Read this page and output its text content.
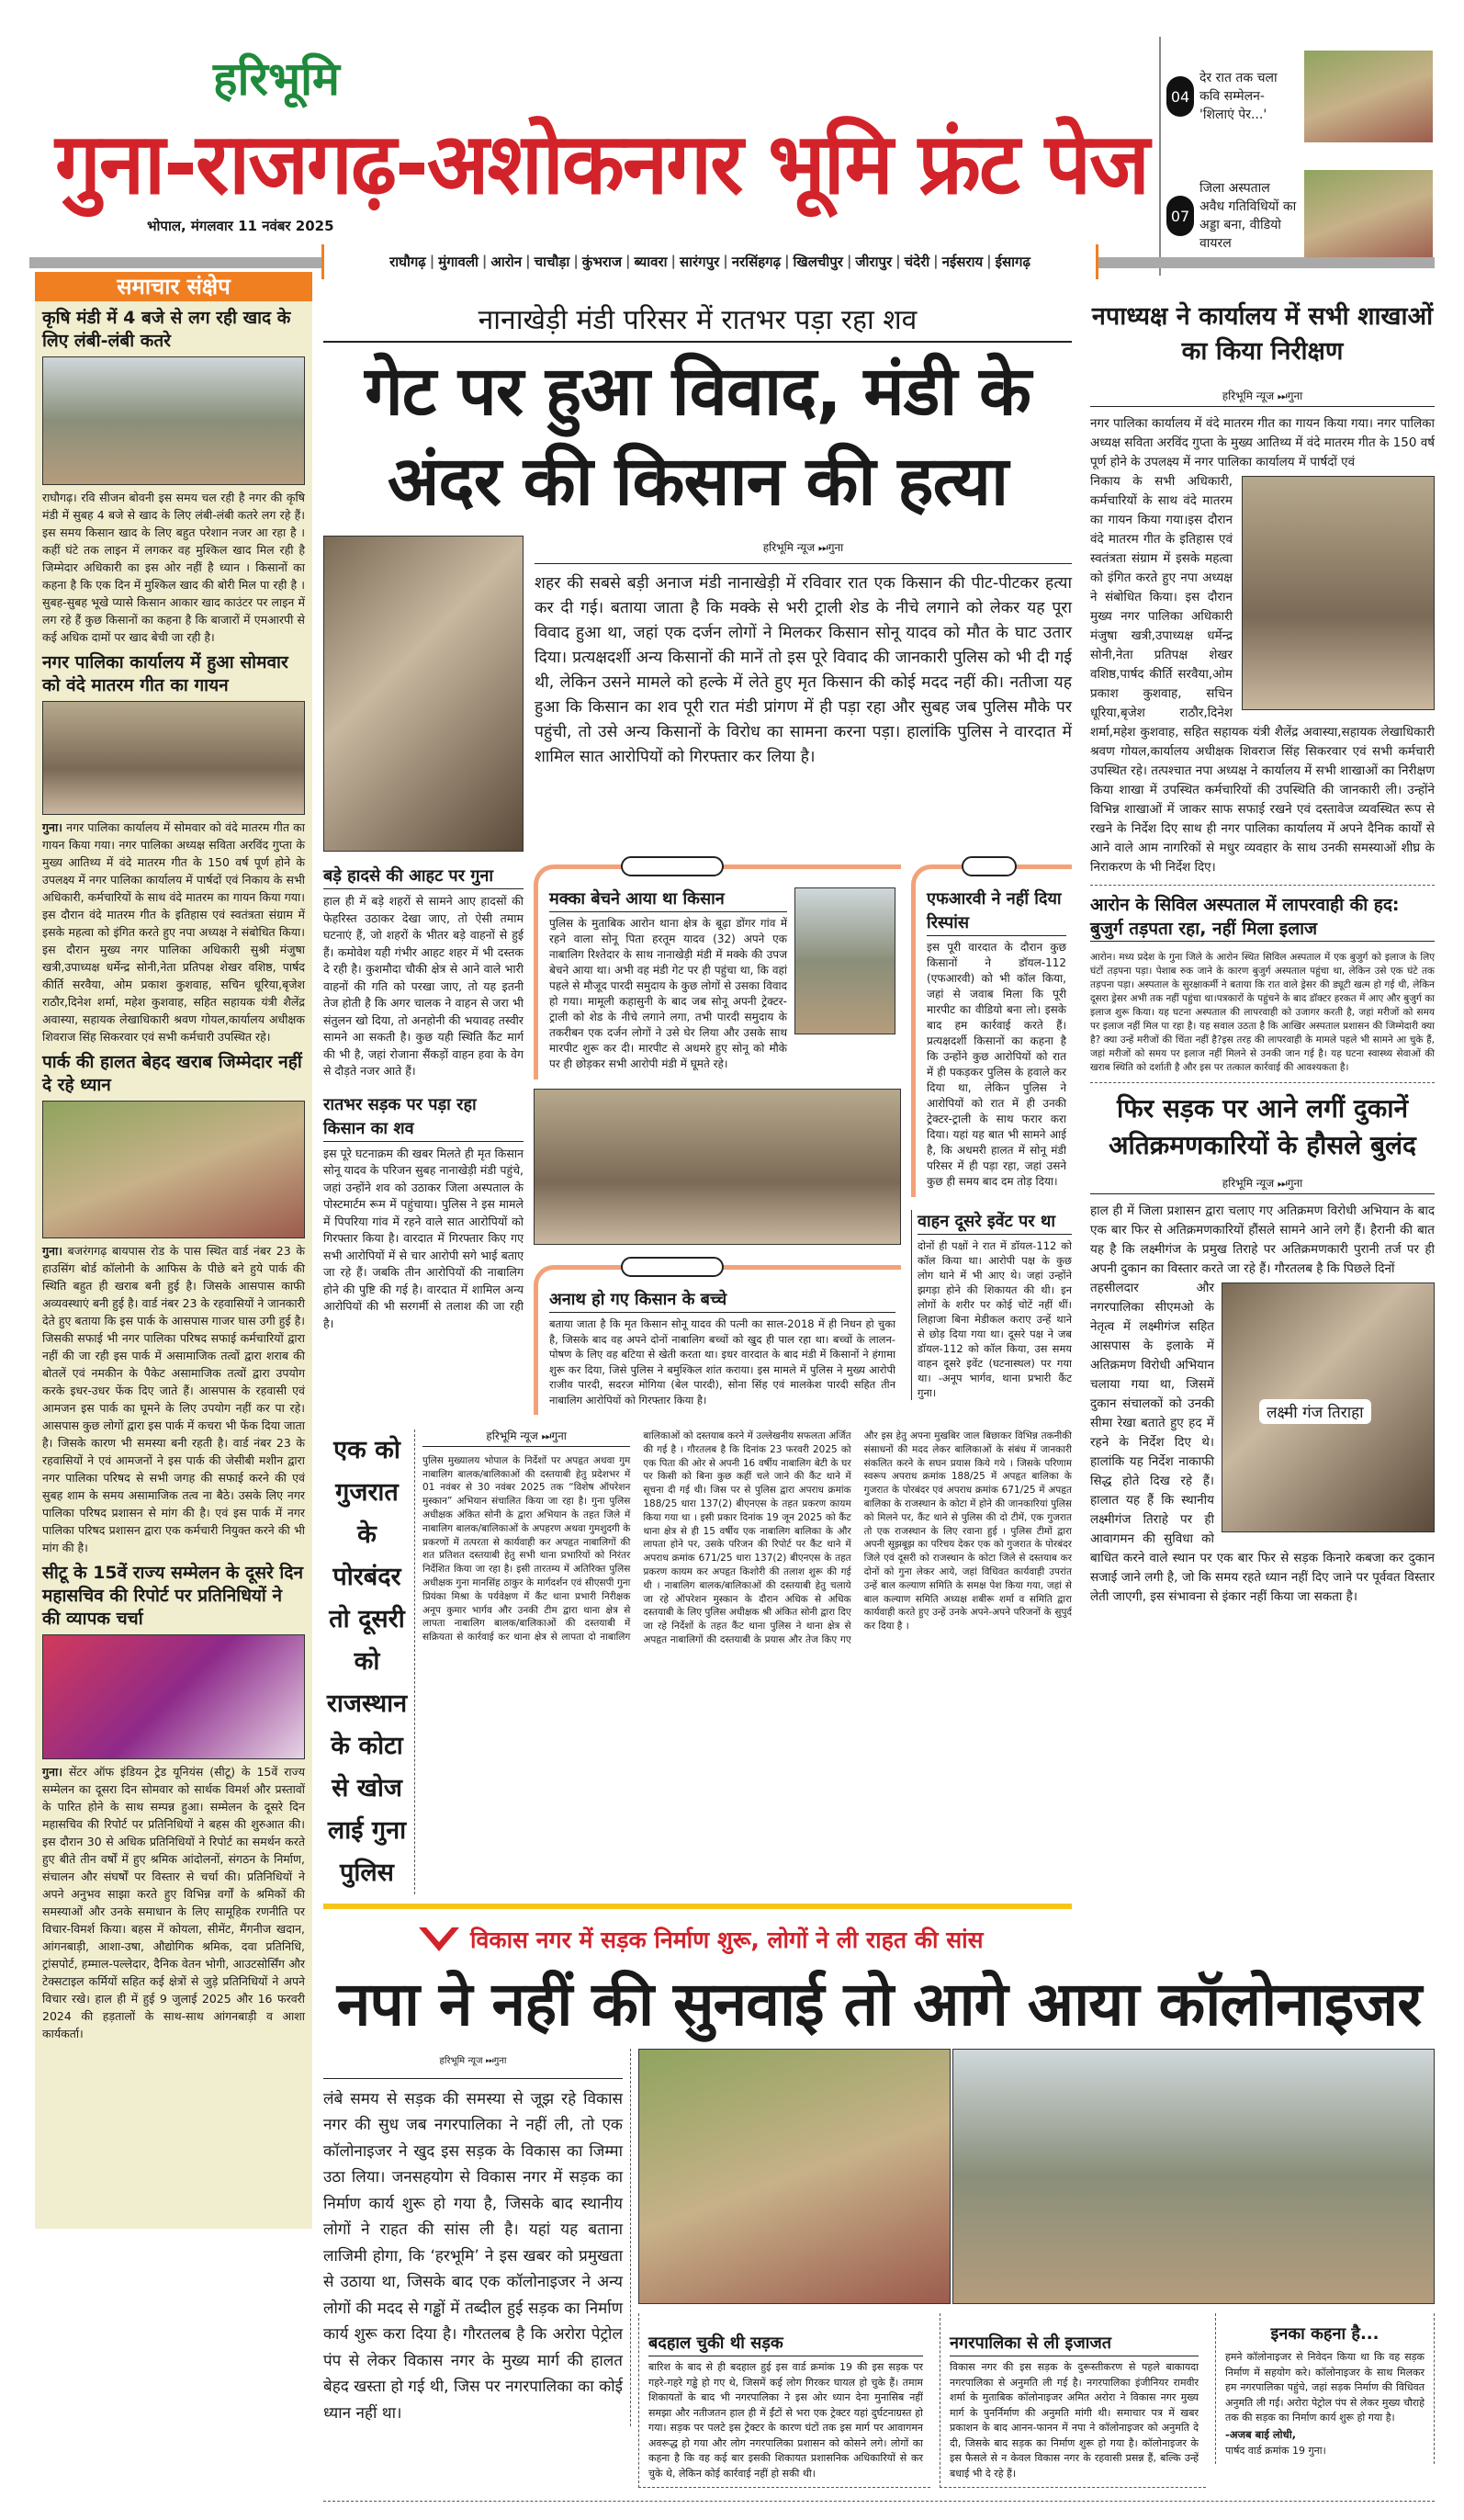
हरिभूमि
गुना-राजगढ़-अशोकनगर भूमि फ्रंट पेज
भोपाल, मंगलवार 11 नवंबर 2025
04
देर रात तक चला कवि सम्मेलन-'शिलाएं पेर...'
07
जिला अस्पताल अवैध गतिविधियों का अड्डा बना, वीडियो वायरल
राघौगढ़ | मुंगावली | आरोन | चाचौड़ा | कुंभराज | ब्यावरा | सारंगपुर | नरसिंहगढ़ | खिलचीपुर | जीरापुर | चंदेरी | नईसराय | ईसागढ़
समाचार संक्षेप
कृषि मंडी में 4 बजे से लग रही खाद के लिए लंबी-लंबी कतरे
राघौगढ़। रवि सीजन बोवनी इस समय चल रही है नगर की कृषि मंडी में सुबह 4 बजे से खाद के लिए लंबी-लंबी कतरे लग रहे हैं। इस समय किसान खाद के लिए बहुत परेशान नजर आ रहा है । कहीं घंटे तक लाइन में लगकर वह मुश्किल खाद मिल रही है जिम्मेदार अधिकारी का इस ओर नहीं है ध्यान । किसानों का कहना है कि एक दिन में मुश्किल खाद की बोरी मिल पा रही है । सुबह-सुबह भूखे प्यासे किसान आकार खाद काउंटर पर लाइन में लग रहे हैं कुछ किसानों का कहना है कि बाजारों में एमआरपी से कई अधिक दामों पर खाद बेची जा रही है।
नगर पालिका कार्यालय में हुआ सोमवार को वंदे मातरम गीत का गायन
गुना। नगर पालिका कार्यालय में सोमवार को वंदे मातरम गीत का गायन किया गया। नगर पालिका अध्यक्ष सविता अरविंद गुप्ता के मुख्य आतिथ्य में वंदे मातरम गीत के 150 वर्ष पूर्ण होने के उपलक्ष्य में नगर पालिका कार्यालय में पार्षदों एवं निकाय के सभी अधिकारी, कर्मचारियों के साथ वंदे मातरम का गायन किया गया। इस दौरान वंदे मातरम गीत के इतिहास एवं स्वतंत्रता संग्राम में इसके महत्वा को इंगित करते हुए नपा अध्यक्ष ने संबोधित किया। इस दौरान मुख्य नगर पालिका अधिकारी सुश्री मंजुषा खत्री,उपाध्यक्ष धर्मेन्द्र सोनी,नेता प्रतिपक्ष शेखर वशिष्ठ, पार्षद कीर्ति सरवैया, ओम प्रकाश कुशवाह, सचिन धूरिया,बृजेश राठौर,दिनेश शर्मा, महेश कुशवाह, सहित सहायक यंत्री शैलेंद्र अवास्या, सहायक लेखाधिकारी श्रवण गोयल,कार्यालय अधीक्षक शिवराज सिंह सिकरवार एवं सभी कर्मचारी उपस्थित रहे।
पार्क की हालत बेहद खराब जिम्मेदार नहीं दे रहे ध्यान
गुना। बजरंगगढ़ बायपास रोड के पास स्थित वार्ड नंबर 23 के हाउसिंग बोर्ड कॉलोनी के आफिस के पीछे बने हुये पार्क की स्थिति बहुत ही खराब बनी हुई है। जिसके आसपास काफी अव्यवस्थाएं बनी हुई है। वार्ड नंबर 23 के रहवासियों ने जानकारी देते हुए बताया कि इस पार्क के आसपास गाजर घास उगी हुई है। जिसकी सफाई भी नगर पालिका परिषद सफाई कर्मचारियों द्वारा नहीं की जा रही इस पार्क में असामाजिक तत्वों द्वारा शराब की बोतलें एवं नमकीन के पैकेट असामाजिक तत्वों द्वारा उपयोग करके इधर-उधर फेंक दिए जाते हैं। आसपास के रहवासी एवं आमजन इस पार्क का घूमने के लिए उपयोग नहीं कर पा रहे। आसपास कुछ लोगों द्वारा इस पार्क में कचरा भी फेंक दिया जाता है। जिसके कारण भी समस्या बनी रहती है। वार्ड नंबर 23 के रहवासियों ने एवं आमजनों ने इस पार्क की जेसीबी मशीन द्वारा नगर पालिका परिषद से सभी जगह की सफाई करने की एवं सुबह शाम के समय असामाजिक तत्व ना बैठे। उसके लिए नगर पालिका परिषद प्रशासन से मांग की है। एवं इस पार्क में नगर पालिका परिषद प्रशासन द्वारा एक कर्मचारी नियुक्त करने की भी मांग की है।
सीटू के 15वें राज्य सम्मेलन के दूसरे दिन महासचिव की रिपोर्ट पर प्रतिनिधियों ने की व्यापक चर्चा
गुना। सेंटर ऑफ इंडियन ट्रेड यूनियंस (सीटू) के 15वें राज्य सम्मेलन का दूसरा दिन सोमवार को सार्थक विमर्श और प्रस्तावों के पारित होने के साथ सम्पन्न हुआ। सम्मेलन के दूसरे दिन महासचिव की रिपोर्ट पर प्रतिनिधियों ने बहस की शुरुआत की। इस दौरान 30 से अधिक प्रतिनिधियों ने रिपोर्ट का समर्थन करते हुए बीते तीन वर्षों में हुए श्रमिक आंदोलनों, संगठन के निर्माण, संचालन और संघर्षों पर विस्तार से चर्चा की। प्रतिनिधियों ने अपने अनुभव साझा करते हुए विभिन्न वर्गों के श्रमिकों की समस्याओं और उनके समाधान के लिए सामूहिक रणनीति पर विचार-विमर्श किया। बहस में कोयला, सीमेंट, मैंगनीज खदान, आंगनबाड़ी, आशा-उषा, औद्योगिक श्रमिक, दवा प्रतिनिधि, ट्रांसपोर्ट, हम्माल-पल्लेदार, दैनिक वेतन भोगी, आउटसोर्सिंग और टेक्सटाइल कर्मियों सहित कई क्षेत्रों से जुड़े प्रतिनिधियों ने अपने विचार रखे। हाल ही में हुई 9 जुलाई 2025 और 16 फरवरी 2024 की हड़तालों के साथ-साथ आंगनबाड़ी व आशा कार्यकर्ता।
नानाखेड़ी मंडी परिसर में रातभर पड़ा रहा शव
गेट पर हुआ विवाद, मंडी के अंदर की किसान की हत्या
हरिभूमि न्यूज ⏭गुना
शहर की सबसे बड़ी अनाज मंडी नानाखेड़ी में रविवार रात एक किसान की पीट-पीटकर हत्या कर दी गई। बताया जाता है कि मक्के से भरी ट्राली शेड के नीचे लगाने को लेकर यह पूरा विवाद हुआ था, जहां एक दर्जन लोगों ने मिलकर किसान सोनू यादव को मौत के घाट उतार दिया। प्रत्यक्षदर्शी अन्य किसानों की मानें तो इस पूरे विवाद की जानकारी पुलिस को भी दी गई थी, लेकिन उसने मामले को हल्के में लेते हुए मृत किसान की कोई मदद नहीं की। नतीजा यह हुआ कि किसान का शव पूरी रात मंडी प्रांगण में ही पड़ा रहा और सुबह जब पुलिस मौके पर पहुंची, तो उसे अन्य किसानों के विरोध का सामना करना पड़ा। हालांकि पुलिस ने वारदात में शामिल सात आरोपियों को गिरफ्तार कर लिया है।
बड़े हादसे की आहट पर गुना
हाल ही में बड़े शहरों से सामने आए हादसों की फेहरिस्त उठाकर देखा जाए, तो ऐसी तमाम घटनाएं हैं, जो शहरों के भीतर बड़े वाहनों से हुई हैं। कमोवेश यही गंभीर आहट शहर में भी दस्तक दे रही है। कुशमौदा चौकी क्षेत्र से आने वाले भारी वाहनों की गति को परखा जाए, तो यह इतनी तेज होती है कि अगर चालक ने वाहन से जरा भी संतुलन खो दिया, तो अनहोनी की भयावह तस्वीर सामने आ सकती है। कुछ यही स्थिति कैंट मार्ग की भी है, जहां रोजाना सैंकड़ों वाहन हवा के वेग से दौड़ते नजर आते हैं।
रातभर सड़क पर पड़ा रहा किसान का शव
इस पूरे घटनाक्रम की खबर मिलते ही मृत किसान सोनू यादव के परिजन सुबह नानाखेड़ी मंडी पहुंचे, जहां उन्होंने शव को उठाकर जिला अस्पताल के पोस्टमार्टम रूम में पहुंचाया। पुलिस ने इस मामले में पिपरिया गांव में रहने वाले सात आरोपियों को गिरफ्तार किया है। वारदात में गिरफ्तार किए गए सभी आरोपियों में से चार आरोपी सगे भाई बताए जा रहे हैं। जबकि तीन आरोपियों की नाबालिग होने की पुष्टि की गई है। वारदात में शामिल अन्य आरोपियों की भी सरगर्मी से तलाश की जा रही है।
मक्का बेचने आया था किसान
पुलिस के मुताबिक आरोन थाना क्षेत्र के बूढ़ा डोंगर गांव में रहने वाला सोनू पिता हरतूम यादव (32) अपने एक नाबालिग रिश्तेदार के साथ नानाखेड़ी मंडी में मक्के की उपज बेचने आया था। अभी वह मंडी गेट पर ही पहुंचा था, कि वहां पहले से मौजूद पारदी समुदाय के कुछ लोगों से उसका विवाद हो गया। मामूली कहासुनी के बाद जब सोनू अपनी ट्रेक्टर-ट्राली को शेड के नीचे लगाने लगा, तभी पारदी समुदाय के तकरीबन एक दर्जन लोगों ने उसे घेर लिया और उसके साथ मारपीट शुरू कर दी। मारपीट से अधमरे हुए सोनू को मौके पर ही छोड़कर सभी आरोपी मंडी में घूमते रहे।
अनाथ हो गए किसान के बच्चे
बताया जाता है कि मृत किसान सोनू यादव की पत्नी का साल-2018 में ही निधन हो चुका है, जिसके बाद वह अपने दोनों नाबालिग बच्चों को खुद ही पाल रहा था। बच्चों के लालन-पोषण के लिए वह बटिया से खेती करता था। इधर वारदात के बाद मंडी में किसानों ने हंगामा शुरू कर दिया, जिसे पुलिस ने बमुश्किल शांत कराया। इस मामले में पुलिस ने मुख्य आरोपी राजीव पारदी, सदरज मोगिया (बेल पारदी), सोना सिंह एवं मालकेश पारदी सहित तीन नाबालिग आरोपियों को गिरफ्तार किया है।
एफआरवी ने नहीं दिया रिस्पांस
इस पूरी वारदात के दौरान कुछ किसानों ने डॉयल-112 (एफआरवी) को भी कॉल किया, जहां से जवाब मिला कि पूरी मारपीट का वीडियो बना लो। इसके बाद हम कार्रवाई करते हैं। प्रत्यक्षदर्शी किसानों का कहना है कि उन्होंने कुछ आरोपियों को रात में ही पकड़कर पुलिस के हवाले कर दिया था, लेकिन पुलिस ने आरोपियों को रात में ही उनकी ट्रेक्टर-ट्राली के साथ फरार करा दिया। यहां यह बात भी सामने आई है, कि अधमरी हालत में सोनू मंडी परिसर में ही पड़ा रहा, जहां उसने कुछ ही समय बाद दम तोड़ दिया।
वाहन दूसरे इवेंट पर था
दोनों ही पक्षों ने रात में डॉयल-112 को कॉल किया था। आरोपी पक्ष के कुछ लोग थाने में भी आए थे। जहां उन्होंने झगड़ा होने की शिकायत की थी। इन लोगों के शरीर पर कोई चोटें नहीं थीं। लिहाजा बिना मेडीकल कराए उन्हें थाने से छोड़ दिया गया था। दूसरे पक्ष ने जब डॉयल-112 को कॉल किया, उस समय वाहन दूसरे इवेंट (घटनास्थल) पर गया था। -अनूप भार्गव, थाना प्रभारी कैंट गुना।
एक को गुजरात के पोरबंदर तो दूसरी को राजस्थान के कोटा से खोज लाई गुना पुलिस
हरिभूमि न्यूज ⏭गुना
पुलिस मुख्यालय भोपाल के निर्देशों पर अपहृत अथवा गुम नाबालिग बालक/बालिकाओं की दस्तयाबी हेतु प्रदेशभर में 01 नवंबर से 30 नवंबर 2025 तक “विशेष ऑपरेशन मुस्कान” अभियान संचालित किया जा रहा है। गुना पुलिस अधीक्षक अंकित सोनी के द्वारा अभियान के तहत जिले में नाबालिग बालक/बालिकाओं के अपहरण अथवा गुमशुदगी के प्रकरणों में तत्परता से कार्यवाही कर अपहृत नाबालिगों की शत प्रतिशत दस्तयाबी हेतु सभी थाना प्रभारियों को निरंतर निर्देशित किया जा रहा है। इसी तारतम्य में अतिरिक्त पुलिस अधीक्षक गुना मानसिंह ठाकुर के मार्गदर्शन एवं सीएसपी गुना प्रियंका मिश्रा के पर्यवेक्षण में कैंट थाना प्रभारी निरीक्षक अनूप कुमार भार्गव और उनकी टीम द्वारा थाना क्षेत्र से लापता नाबालिग बालक/बालिकाओं की दस्तयाबी में सक्रियता से कार्रवाई कर थाना क्षेत्र से लापता दो नाबालिग बालिकाओं को दस्तयाब करने में उल्लेखनीय सफलता अर्जित की गई है । गौरतलब है कि दिनांक 23 फरवरी 2025 को एक पिता की ओर से अपनी 16 वर्षीय नाबालिग बेटी के घर पर किसी को बिना कुछ कहीं चले जाने की कैंट थाने में सूचना दी गई थी। जिस पर से पुलिस द्वारा अपराध क्रमांक 188/25 धारा 137(2) बीएनएस के तहत प्रकरण कायम किया गया था । इसी प्रकार दिनांक 19 जून 2025 को कैंट थाना क्षेत्र से ही 15 वर्षीय एक नाबालिग बालिका के और लापता होने पर, उसके परिजन की रिपोर्ट पर कैंट थाने में अपराध क्रमांक 671/25 धारा 137(2) बीएनएस के तहत प्रकरण कायम कर अपहृत किशोरी की तलाश शुरू की गई थी । नाबालिग बालक/बालिकाओं की दस्तयाबी हेतु चलाये जा रहे ऑपरेशन मुस्कान के दौरान अधिक से अधिक दस्तयाबी के लिए पुलिस अधीक्षक श्री अंकित सोनी द्वारा दिए जा रहे निर्देशों के तहत कैंट थाना पुलिस ने थाना क्षेत्र से अपहृत नाबालिगों की दस्तयाबी के प्रयास और तेज किए गए और इस हेतु अपना मुखबिर जाल बिछाकर विभिन्न तकनीकी संसाधनों की मदद लेकर बालिकाओं के संबंध में जानकारी संकलित करने के सघन प्रयास किये गये । जिसके परिणाम स्वरूप अपराध क्रमांक 188/25 में अपहृत बालिका के गुजरात के पोरबंदर एवं अपराध क्रमांक 671/25 में अपहृत बालिका के राजस्थान के कोटा में होने की जानकारियां पुलिस को मिलने पर, कैंट थाने से पुलिस की दो टीमें, एक गुजरात तो एक राजस्थान के लिए रवाना हुई । पुलिस टीमों द्वारा अपनी सूझबूझ का परिचय देकर एक को गुजरात के पोरबंदर जिले एवं दूसरी को राजस्थान के कोटा जिले से दस्तयाब कर दोनों को गुना लेकर आये, जहां विधिवत कार्यवाही उपरांत उन्हें बाल कल्याण समिति के समक्ष पेश किया गया, जहां से बाल कल्याण समिति अध्यक्ष शबीरू शर्मा व समिति द्वारा कार्यवाही करते हुए उन्हें उनके अपने-अपने परिजनों के सुपुर्द कर दिया है ।
नपाध्यक्ष ने कार्यालय में सभी शाखाओं का किया निरीक्षण
हरिभूमि न्यूज ⏭गुना
नगर पालिका कार्यालय में वंदे मातरम गीत का गायन किया गया। नगर पालिका अध्यक्ष सविता अरविंद गुप्ता के मुख्य आतिथ्य में वंदे मातरम गीत के 150 वर्ष पूर्ण होने के उपलक्ष्य में नगर पालिका कार्यालय में पार्षदों एवं
निकाय के सभी अधिकारी, कर्मचारियों के साथ वंदे मातरम का गायन किया गया।इस दौरान वंदे मातरम गीत के इतिहास एवं स्वतंत्रता संग्राम में इसके महत्वा को इंगित करते हुए नपा अध्यक्ष ने संबोधित किया। इस दौरान मुख्य नगर पालिका अधिकारी मंजुषा खत्री,उपाध्यक्ष धर्मेन्द्र सोनी,नेता प्रतिपक्ष शेखर वशिष्ठ,पार्षद कीर्ति सरवैया,ओम प्रकाश कुशवाह, सचिन धूरिया,बृजेश राठौर,दिनेश शर्मा,महेश कुशवाह, सहित सहायक यंत्री शैलेंद्र अवास्या,सहायक लेखाधिकारी श्रवण गोयल,कार्यालय अधीक्षक शिवराज सिंह सिकरवार एवं सभी कर्मचारी उपस्थित रहे। तत्पश्चात नपा अध्यक्ष ने कार्यालय में सभी शाखाओं का निरीक्षण किया शाखा में उपस्थित कर्मचारियों की उपस्थिति की जानकारी ली। उन्होंने विभिन्न शाखाओं में जाकर साफ सफाई रखने एवं दस्तावेज व्यवस्थित रूप से रखने के निर्देश दिए साथ ही नगर पालिका कार्यालय में अपने दैनिक कार्यों से आने वाले आम नागरिकों से मधुर व्यवहार के साथ उनकी समस्याओं शीघ्र के निराकरण के भी निर्देश दिए।
आरोन के सिविल अस्पताल में लापरवाही की हद: बुजुर्ग तड़पता रहा, नहीं मिला इलाज
आरोन। मध्य प्रदेश के गुना जिले के आरोन स्थित सिविल अस्पताल में एक बुजुर्ग को इलाज के लिए घंटों तड़पना पड़ा। पेशाब रुक जाने के कारण बुजुर्ग अस्पताल पहुंचा था, लेकिन उसे एक घंटे तक तड़पना पड़ा। अस्पताल के सुरक्षाकर्मी ने बताया कि रात वाले ड्रेसर की ड्यूटी खत्म हो गई थी, लेकिन दूसरा ड्रेसर अभी तक नहीं पहुंचा था।पत्रकारों के पहुंचने के बाद डॉक्टर हरकत में आए और बुजुर्ग का इलाज शुरू किया। यह घटना अस्पताल की लापरवाही को उजागर करती है, जहां मरीजों को समय पर इलाज नहीं मिल पा रहा है। यह सवाल उठता है कि आखिर अस्पताल प्रशासन की जिम्मेदारी क्या है? क्या उन्हें मरीजों की चिंता नहीं है?इस तरह की लापरवाही के मामले पहले भी सामने आ चुके हैं, जहां मरीजों को समय पर इलाज नहीं मिलने से उनकी जान गई है। यह घटना स्वास्थ्य सेवाओं की खराब स्थिति को दर्शाती है और इस पर तत्काल कार्रवाई की आवश्यकता है।
फिर सड़क पर आने लगीं दुकानें अतिक्रमणकारियों के हौसले बुलंद
हरिभूमि न्यूज ⏭गुना
हाल ही में जिला प्रशासन द्वारा चलाए गए अतिक्रमण विरोधी अभियान के बाद एक बार फिर से अतिक्रमणकारियों हौंसले सामने आने लगे हैं। हैरानी की बात यह है कि लक्ष्मीगंज के प्रमुख तिराहे पर अतिक्रमणकारी पुरानी तर्ज पर ही अपनी दुकान का विस्तार करते जा रहे हैं। गौरतलब है कि पिछले दिनों
लक्ष्मी गंज तिराहा
तहसीलदार और नगरपालिका सीएमओ के नेतृत्व में लक्ष्मीगंज सहित आसपास के इलाके में अतिक्रमण विरोधी अभियान चलाया गया था, जिसमें दुकान संचालकों को उनकी सीमा रेखा बताते हुए हद में रहने के निर्देश दिए थे। हालांकि यह निर्देश नाकाफी सिद्ध होते दिख रहे हैं। हालात यह हैं कि स्थानीय लक्ष्मीगंज तिराहे पर ही आवागमन की सुविधा को बाधित करने वाले स्थान पर एक बार फिर से सड़क किनारे कबजा कर दुकान सजाई जाने लगी है, जो कि समय रहते ध्यान नहीं दिए जाने पर पूर्ववत विस्तार लेती जाएगी, इस संभावना से इंकार नहीं किया जा सकता है।
विकास नगर में सड़क निर्माण शुरू, लोगों ने ली राहत की सांस
नपा ने नहीं की सुनवाई तो आगे आया कॉलोनाइजर
हरिभूमि न्यूज ⏭गुना
लंबे समय से सड़क की समस्या से जूझ रहे विकास नगर की सुध जब नगरपालिका ने नहीं ली, तो एक कॉलोनाइजर ने खुद इस सड़क के विकास का जिम्मा उठा लिया। जनसहयोग से विकास नगर में सड़क का निर्माण कार्य शुरू हो गया है, जिसके बाद स्थानीय लोगों ने राहत की सांस ली है। यहां यह बताना लाजिमी होगा, कि ‘हरभूमि’ ने इस खबर को प्रमुखता से उठाया था, जिसके बाद एक कॉलोनाइजर ने अन्य लोगों की मदद से गड्ढों में तब्दील हुई सड़क का निर्माण कार्य शुरू करा दिया है। गौरतलब है कि अरोरा पेट्रोल पंप से लेकर विकास नगर के मुख्य मार्ग की हालत बेहद खस्ता हो गई थी, जिस पर नगरपालिका का कोई ध्यान नहीं था।
बदहाल चुकी थी सड़क
बारिश के बाद से ही बदहाल हुई इस वार्ड क्रमांक 19 की इस सड़क पर गहरे-गहरे गड्ढे हो गए थे, जिसमें कई लोग गिरकर घायल हो चुके हैं। तमाम शिकायतों के बाद भी नगरपालिका ने इस ओर ध्यान देना मुनासिब नहीं समझा और नतीजतन हाल ही में ईंटों से भरा एक ट्रेक्टर यहां दुर्घटनाग्रस्त हो गया। सड़क पर पलटे इस ट्रेक्टर के कारण घंटों तक इस मार्ग पर आवागमन अवरूद्ध हो गया और लोग नगरपालिका प्रशासन को कोसने लगे। लोगों का कहना है कि वह कई बार इसकी शिकायत प्रशासनिक अधिकारियों से कर चुके थे, लेकिन कोई कार्रवाई नहीं हो सकी थी।
नगरपालिका से ली इजाजत
विकास नगर की इस सड़क के दुरूस्तीकरण से पहले बाकायदा नगरपालिका से अनुमति ली गई है। नगरपालिका इंजीनियर रामवीर शर्मा के मुताबिक कॉलोनाइजर अमित अरोरा ने विकास नगर मुख्य मार्ग के पुनर्निर्माण की अनुमति मांगी थी। समाचार पत्र में खबर प्रकाशन के बाद आनन-फानन में नपा ने कॉलोनाइजर को अनुमति दे दी, जिसके बाद सड़क का निर्माण शुरू हो गया है। कॉलोनाइजर के इस फैसले से न केवल विकास नगर के रहवासी प्रसन्न हैं, बल्कि उन्हें बधाई भी दे रहे हैं।
इनका कहना है...
हमने कॉलोनाइजर से निवेदन किया था कि वह सड़क निर्माण में सहयोग करे। कॉलोनाइजर के साथ मिलकर हम नगरपालिका पहुंचे, जहां सड़क निर्माण की विधिवत अनुमति ली गई। अरोरा पेट्रोल पंप से लेकर मुख्य चौराहे तक की सड़क का निर्माण कार्य शुरू हो गया है।
-अजब बाई लोधी,
पार्षद वार्ड क्रमांक 19 गुना।
